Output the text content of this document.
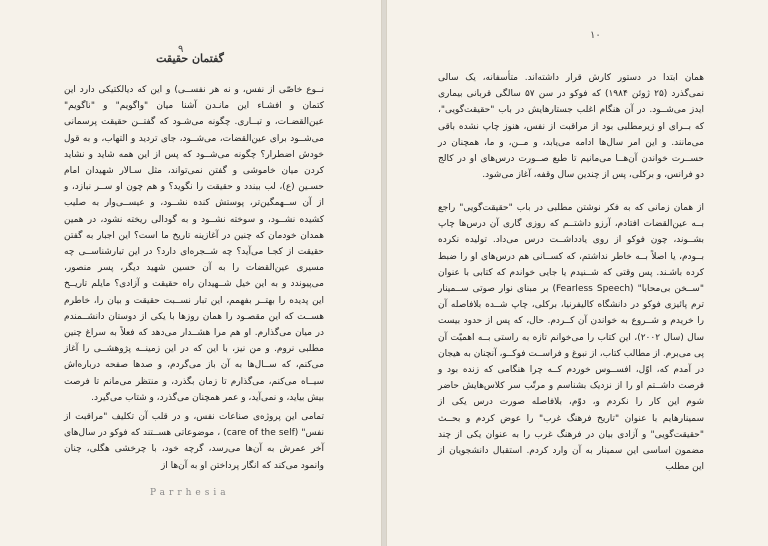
۹
گفتمان حقیقت

نــوع خاصّی از نفس، و نه هر نفســی) و این که دیالکتیکی دارد این کتمان و افشـاء این مانـدن آشنا میان "واگویم" و "ناگویم" عین‌القضـات، و تبــاری. چگونه می‌شـود که گفتــن حقیقت پرسمانی می‌شــود برای عین‌القضات، می‌شــود، جای تردید و التهاب، و به قول خودش اضطرار؟ چگونه می‌شــود که پس از این همه شاید و نشاید کردن میان خاموشی و گفتن نمی‌تواند، مثل سـالار شهیدان امام حسـین (ع)، لب ببندد و حقیقت را نگوید؟ و هم چون او ســر نبازد، و از آن ســهمگین‌تر، پوستش کنده نشــود، و عیســی‌وار به صلیب کشیده نشــود، و سوخته نشــود و به گودالی ریخته نشود، در همین همدان خودمان که چنین در آغازینه تاریخ ما است؟ این اجبار به گفتن حقیقت از کجـا می‌آید؟ چه شــجره‌ای دارد؟ در این تبارشناســی چه مسیری عین‌القضات را به آن حسین شهید دیگر، پسر منصور، می‌پیوندد و به این خیل شــهیدان راه حقیقت و آزادی؟ مایلم تاریــخ این پدیده را بهتــر بفهمم، این تبار نســبت حقیقت و بیان را، خاطرم هســت که این مقصـود را همان روزها با یکی از دوستان دانشــمندم در میان می‌گذارم. او هم مرا هشــدار می‌دهد که فعلاً به سراغ چنین مطلبی نروم. و من نیز، با این که در این زمینــه پژوهشــی را آغاز می‌کنم، که ســال‌ها به آن باز می‌گردم، و صدها صفحه درباره‌اش سیــاه می‌کنم، می‌گذارم تا زمان بگذرد، و منتظر می‌مانم تا فرصت بیش بیاید، و نمی‌آید، و عمر همچنان می‌گذرد، و شتاب می‌گیرد.

تمامی این پروژه‌ی صناعات نفس، و در قلب آن تکلیف "مراقبت از نفس" (care of the self) ، موضوعاتی هســتند که فوکو در سال‌های آخر عمرش به آن‌ها می‌رسد، گرچه خود، با چرخشی هگلی، چنان وانمود می‌کند که انگار پرداختن او به آن‌ها از

Parrhesia
۱۰

همان ابتدا در دستور کارش قرار داشته‌اند. متأسفانه، یک سالی نمی‌گذرد (۲۵ ژوئن ۱۹۸۴) که فوکو در سن ۵۷ سالگی قربانی بیماری ایدز می‌شــود. در آن هنگام اغلب جستارهایش در باب "حقیقت‌گویی"، که بــرای او زیرمطلبی بود از مراقبت از نفس، هنوز چاپ نشده باقی می‌مانند. و این امر سال‌ها ادامه می‌یابد، و مــن، و ما، همچنان در حســرت خواندن آن‌هــا می‌مانیم تا طبع صــورت درس‌های او در کالج دو فرانس، و برکلی، پس از چندین سال وقفه، آغاز می‌شود.

از همان زمانی که به فکر نوشتن مطلبی در باب "حقیقت‌گویی" راجع بــه عین‌القضات افتادم، آرزو داشتــم که روزی گاری آن درس‌ها چاپ بشــوند، چون فوکو از روی یادداشــت درس می‌داد. تولیده نکرده بــودم، یا اصلاً بــه خاطر نداشتم، که کســانی هم درس‌های او را ضبط کرده باشـند. پس وقتی که شــنیدم یا جایی خواندم که کتابی با عنوان "ســخن بی‌محابا" (Fearless Speech) بر مبنای نوار صوتی ســمینار ترم پائیزی فوکو در دانشگاه کالیفرنیا، برکلی، چاپ شــده بلافاصله آن را خریدم و شــروع به خواندن آن کــردم. حال، که پس از حدود بیست سال (سال ۲۰۰۲)، این کتاب را می‌خوانم تازه به راستی بــه اهمیّت آن پی می‌برم. از مطالب کتاب، از نبوغ و فراســت فوکــو، آنچنان به هیجان در آمدم که، اوّل، افســوس خوردم کــه چرا هنگامی که زنده بود و فرصت داشــتم او را از نزدیک بشناسم و مرتّب سر کلاس‌هایش حاضر شوم این کار را نکردم و، دوّم، بلافاصله صورت درس یکی از سمینارهایم با عنوان "تاریخ فرهنگ غرب" را عوض کردم و بحــث "حقیقت‌گویی" و آزادی بیان در فرهنگ غرب را به عنوان یکی از چند مضمون اساسی این سمینار به آن وارد کردم. استقبال دانشجویان از این مطلب
